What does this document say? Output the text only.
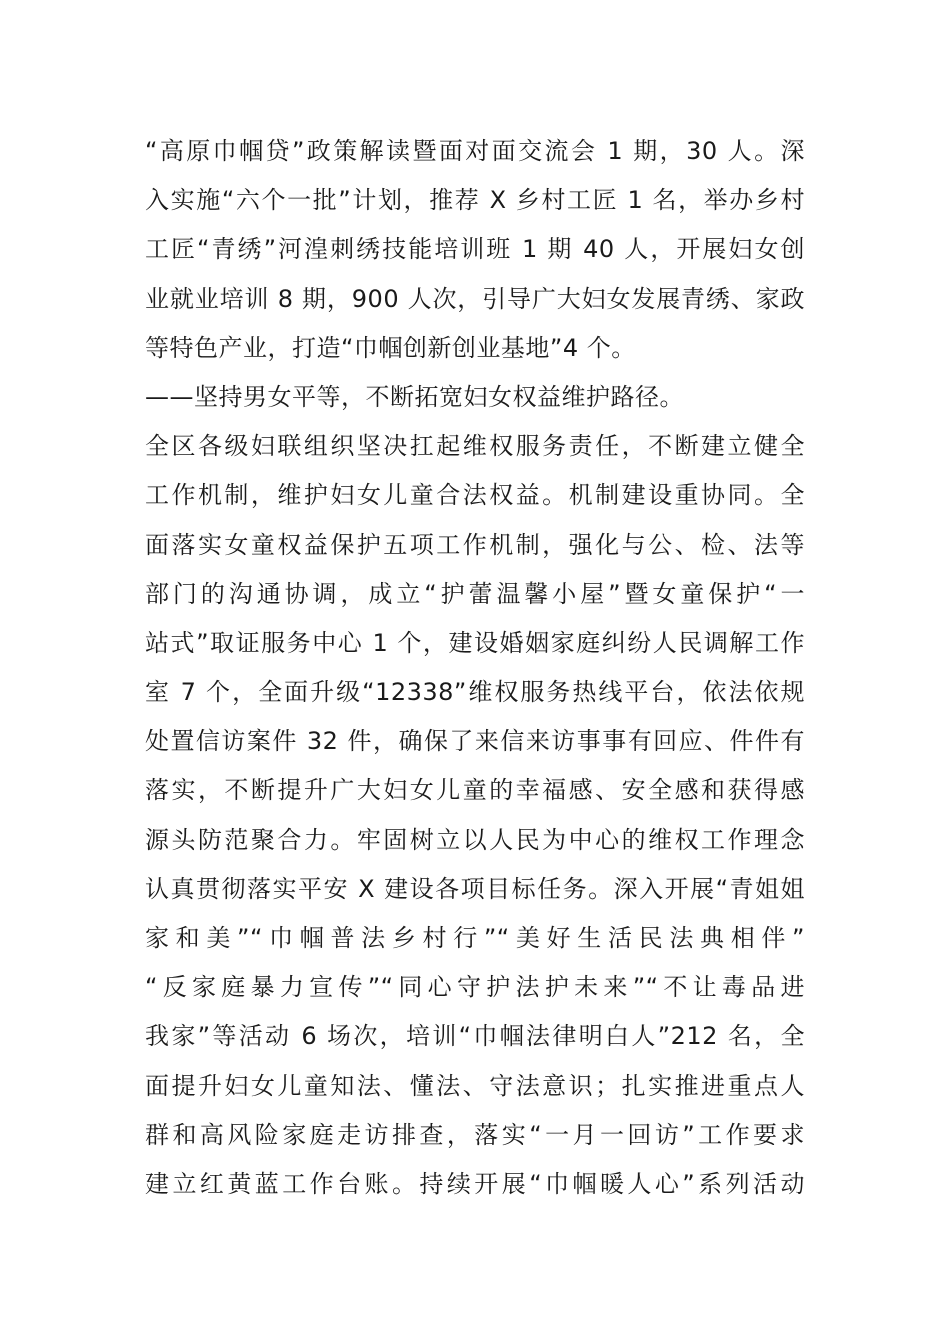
“高原巾帼贷”政策解读暨面对面交流会 1 期，30 人。深
入实施“六个一批”计划，推荐 X 乡村工匠 1 名，举办乡村
工匠“青绣”河湟刺绣技能培训班 1 期 40 人，开展妇女创
业就业培训 8 期，900 人次，引导广大妇女发展青绣、家政
等特色产业，打造“巾帼创新创业基地”4 个。
——坚持男女平等，不断拓宽妇女权益维护路径。
全区各级妇联组织坚决扛起维权服务责任，不断建立健全
工作机制，维护妇女儿童合法权益。机制建设重协同。全
面落实女童权益保护五项工作机制，强化与公、检、法等
部门的沟通协调，成立“护蕾温馨小屋”暨女童保护“一
站式”取证服务中心 1 个，建设婚姻家庭纠纷人民调解工作
室 7 个，全面升级“12338”维权服务热线平台，依法依规
处置信访案件 32 件，确保了来信来访事事有回应、件件有
落实，不断提升广大妇女儿童的幸福感、安全感和获得感
源头防范聚合力。牢固树立以人民为中心的维权工作理念
认真贯彻落实平安 X 建设各项目标任务。深入开展“青姐姐
家和美”“巾帼普法乡村行”“美好生活民法典相伴”
“反家庭暴力宣传”“同心守护法护未来”“不让毒品进
我家”等活动 6 场次，培训“巾帼法律明白人”212 名，全
面提升妇女儿童知法、懂法、守法意识；扎实推进重点人
群和高风险家庭走访排查，落实“一月一回访”工作要求
建立红黄蓝工作台账。持续开展“巾帼暖人心”系列活动
